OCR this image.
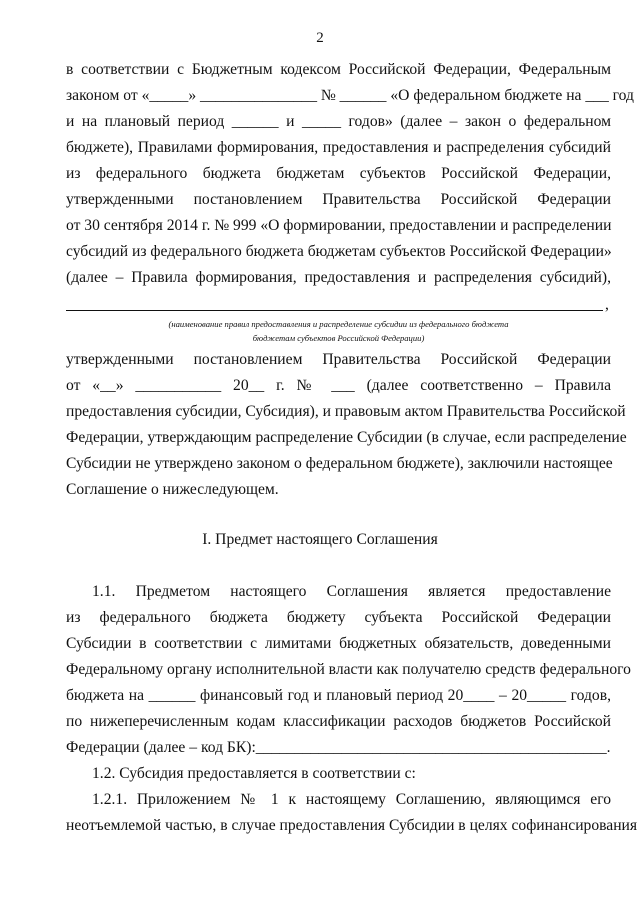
2
в соответствии с Бюджетным кодексом Российской Федерации, Федеральным
законом от «_____» _______________ № ______ «О федеральном бюджете на ___ год
и на плановый период ______ и _____ годов» (далее – закон о федеральном
бюджете), Правилами формирования, предоставления и распределения субсидий
из федерального бюджета бюджетам субъектов Российской Федерации,
утвержденными постановлением Правительства Российской Федерации
от 30 сентября 2014 г. № 999 «О формировании, предоставлении и распределении
субсидий из федерального бюджета бюджетам субъектов Российской Федерации»
(далее – Правила формирования, предоставления и распределения субсидий),
,
(наименование правил предоставления и распределение субсидии из федерального бюджета
бюджетам субъектов Российской Федерации)
утвержденными постановлением Правительства Российской Федерации
от «__» ___________ 20__ г. № ___ (далее соответственно – Правила
предоставления субсидии, Субсидия), и правовым актом Правительства Российской
Федерации, утверждающим распределение Субсидии (в случае, если распределение
Субсидии не утверждено законом о федеральном бюджете), заключили настоящее
Соглашение о нижеследующем.
I. Предмет настоящего Соглашения
1.1. Предметом настоящего Соглашения является предоставление
из федерального бюджета бюджету субъекта Российской Федерации
Субсидии в соответствии с лимитами бюджетных обязательств, доведенными
Федеральному органу исполнительной власти как получателю средств федерального
бюджета на ______ финансовый год и плановый период 20____ – 20_____ годов,
по нижеперечисленным кодам классификации расходов бюджетов Российской
Федерации (далее – код БК):_____________________________________________.
1.2. Субсидия предоставляется в соответствии с:
1.2.1. Приложением № 1 к настоящему Соглашению, являющимся его
неотъемлемой частью, в случае предоставления Субсидии в целях софинансирования
